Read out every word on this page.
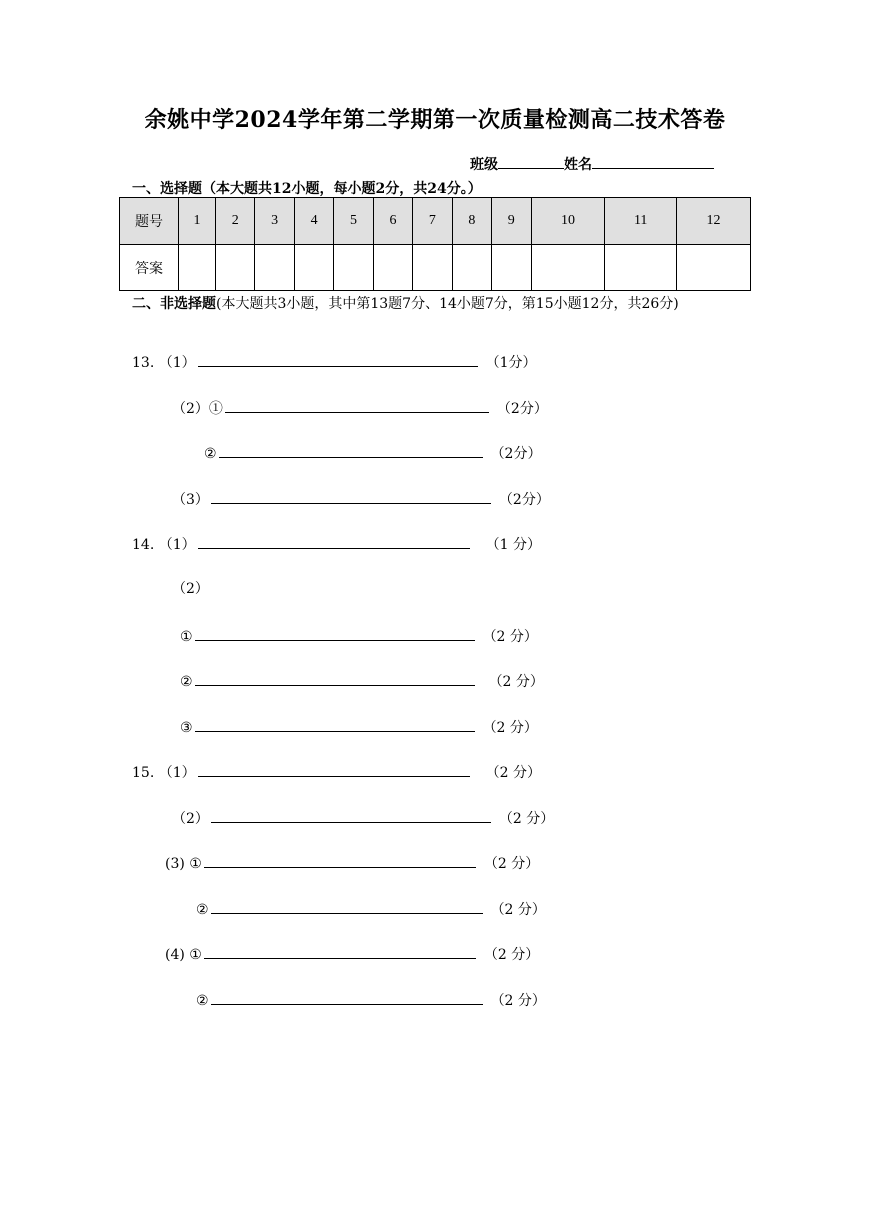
余姚中学2024学年第二学期第一次质量检测高二技术答卷
班级	姓名
一、选择题（本大题共12小题，每小题2分，共24分。）
题号	1	2	3	4	5	6	7	8	9	10	11	12
答案												
二、非选择题(本大题共3小题，其中第13题7分、14小题7分，第15小题12分，共26分)
13. （1）	（1分）
（2）①	（2分）
②	（2分）
（3）	（2分）
14. （1）	（1 分）
（2）
①	（2 分）
②	（2 分）
③	（2 分）
15. （1）	（2 分）
（2）	（2 分）
(3) ①	（2 分）
②	（2 分）
(4) ①	（2 分）
②	（2 分）
